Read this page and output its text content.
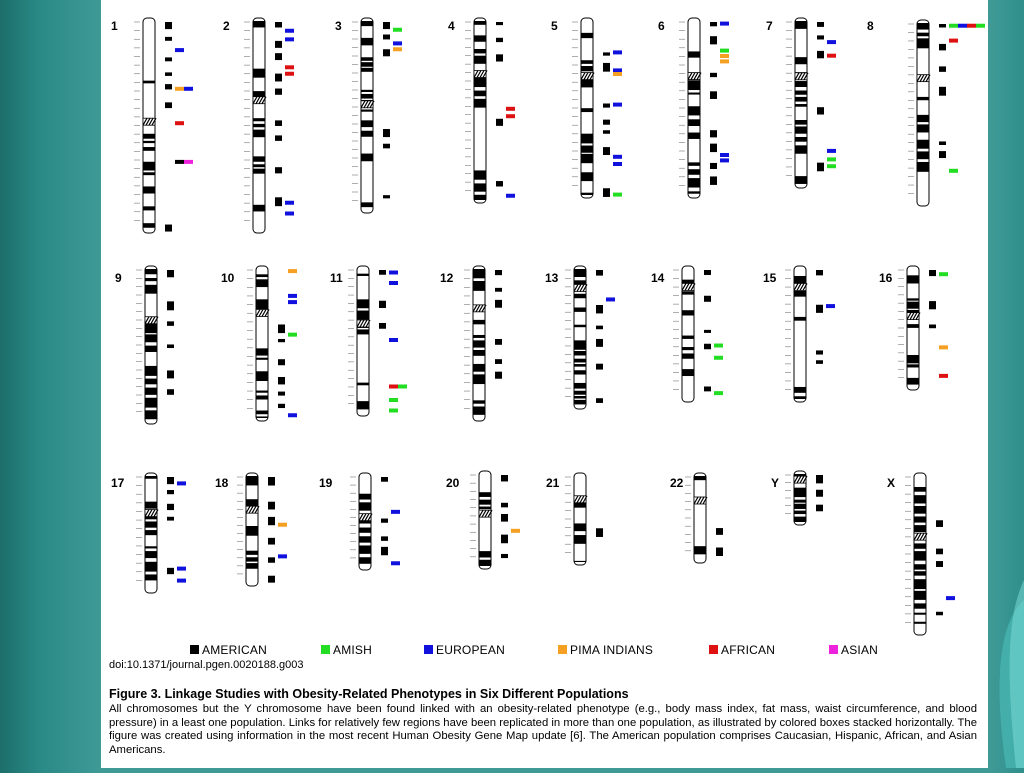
1	2	3	4	5	6	7	8
9	10	11	12	13	14	15	16
17	18	19	20	21	22	Y	X
AMERICAN	AMISH	EUROPEAN	PIMA INDIANS	AFRICAN	ASIAN
doi:10.1371/journal.pgen.0020188.g003
Figure 3. Linkage Studies with Obesity-Related Phenotypes in Six Different Populations
All chromosomes but the Y chromosome have been found linked with an obesity-related phenotype (e.g., body mass index, fat mass, waist circumference, and blood pressure) in a least one population. Links for relatively few regions have been replicated in more than one population, as illustrated by colored boxes stacked horizontally. The figure was created using information in the most recent Human Obesity Gene Map update [6]. The American population comprises Caucasian, Hispanic, African, and Asian Americans.
